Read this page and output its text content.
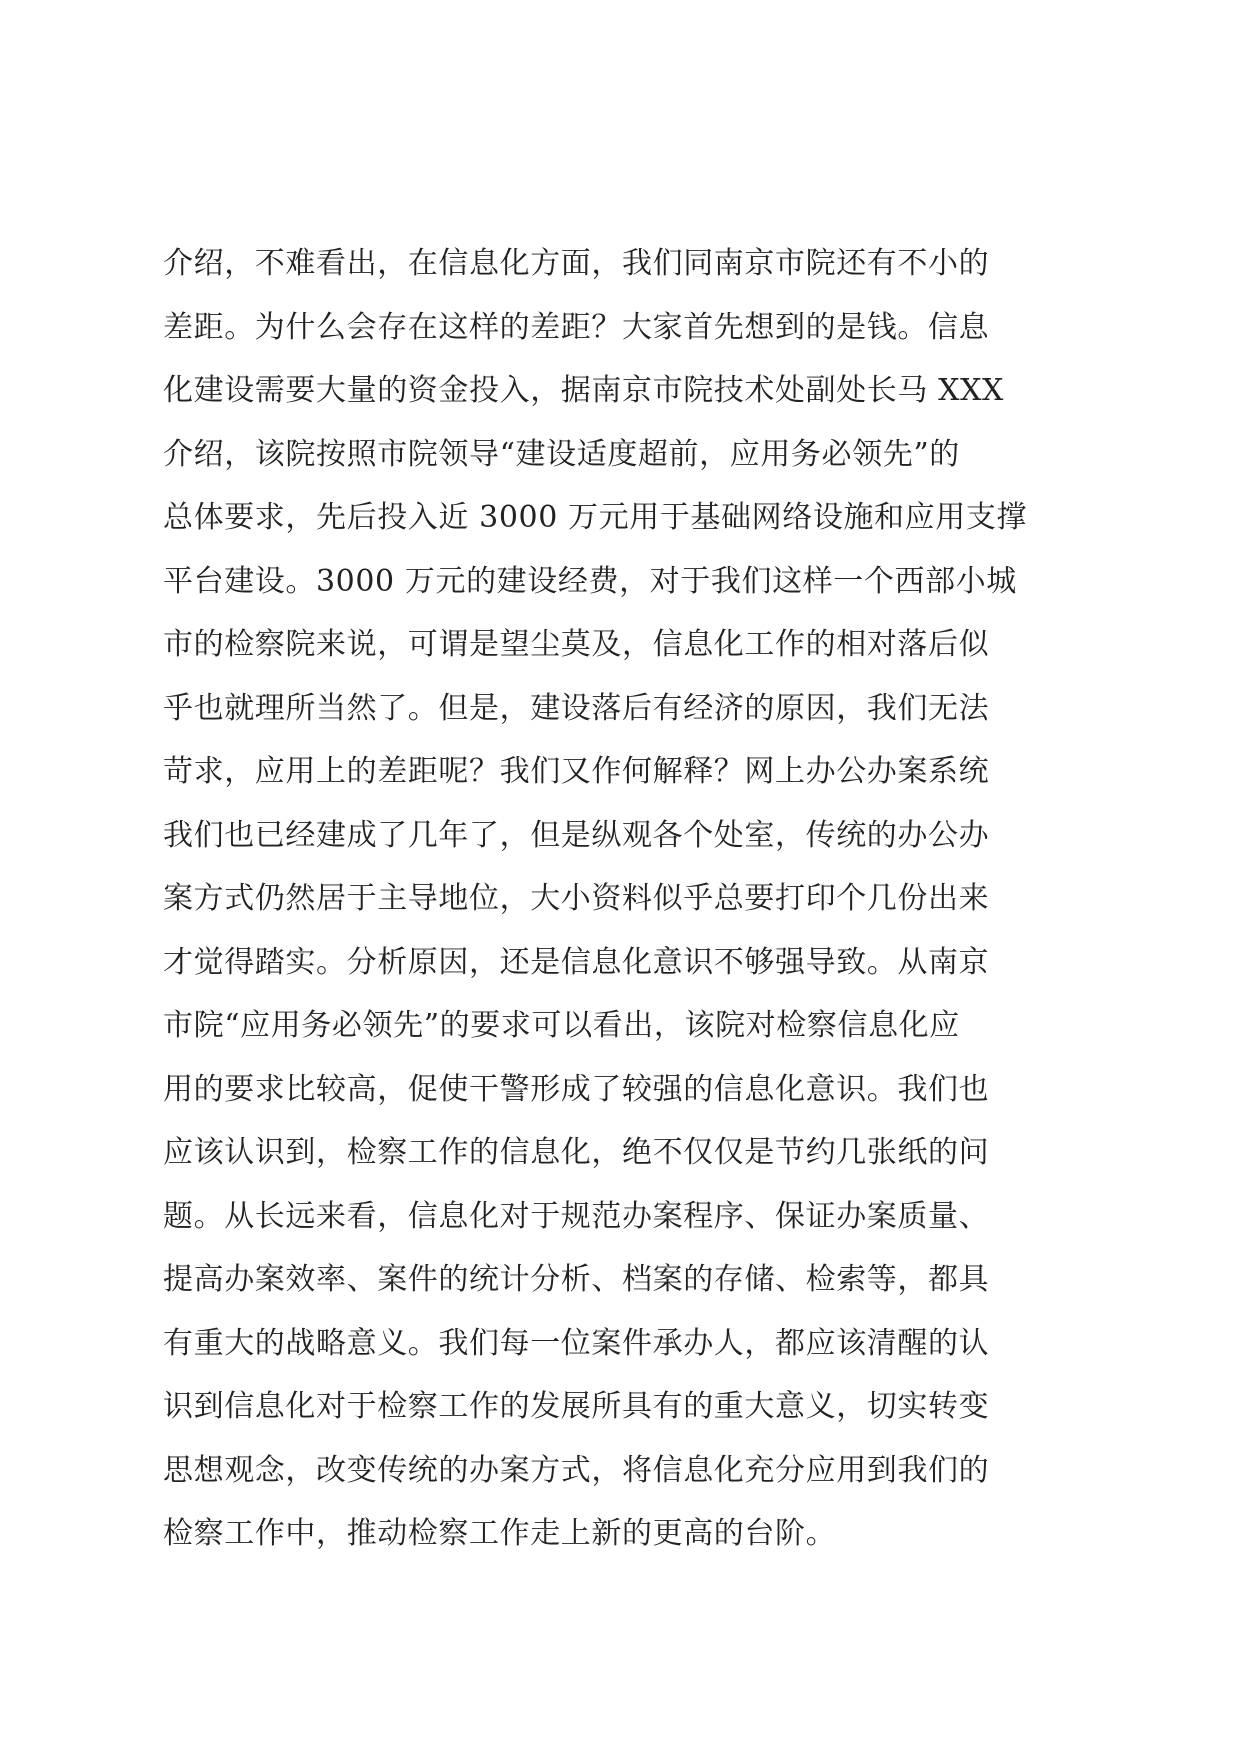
介绍，不难看出，在信息化方面，我们同南京市院还有不小的
差距。为什么会存在这样的差距？大家首先想到的是钱。信息
化建设需要大量的资金投入，据南京市院技术处副处长马 XXX
介绍，该院按照市院领导“建设适度超前，应用务必领先”的
总体要求，先后投入近 3000 万元用于基础网络设施和应用支撑
平台建设。3000 万元的建设经费，对于我们这样一个西部小城
市的检察院来说，可谓是望尘莫及，信息化工作的相对落后似
乎也就理所当然了。但是，建设落后有经济的原因，我们无法
苛求，应用上的差距呢？我们又作何解释？网上办公办案系统
我们也已经建成了几年了，但是纵观各个处室，传统的办公办
案方式仍然居于主导地位，大小资料似乎总要打印个几份出来
才觉得踏实。分析原因，还是信息化意识不够强导致。从南京
市院“应用务必领先”的要求可以看出，该院对检察信息化应
用的要求比较高，促使干警形成了较强的信息化意识。我们也
应该认识到，检察工作的信息化，绝不仅仅是节约几张纸的问
题。从长远来看，信息化对于规范办案程序、保证办案质量、
提高办案效率、案件的统计分析、档案的存储、检索等，都具
有重大的战略意义。我们每一位案件承办人，都应该清醒的认
识到信息化对于检察工作的发展所具有的重大意义，切实转变
思想观念，改变传统的办案方式，将信息化充分应用到我们的
检察工作中，推动检察工作走上新的更高的台阶。
